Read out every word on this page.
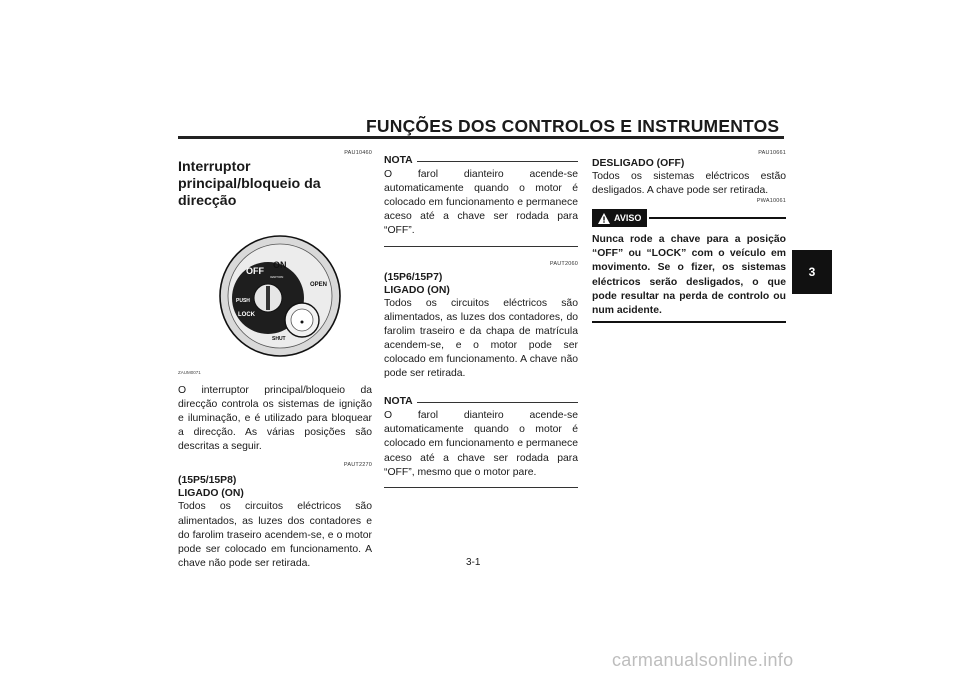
FUNÇÕES DOS CONTROLOS E INSTRUMENTOS
3
PAU10460
Interruptor principal/bloqueio da direcção
OFF
ON
OPEN
PUSH
LOCK
SHUT
IGNITION
ZAUM0071

O interruptor principal/bloqueio da direcção controla os sistemas de ignição e iluminação, e é utilizado para bloquear a direcção. As várias posições são descritas a seguir.

PAUT2270
(15P5/15P8)
LIGADO (ON)

Todos os circuitos eléctricos são alimentados, as luzes dos contadores e do farolim traseiro acendem-se, e o motor pode ser colocado em funcionamento. A chave não pode ser retirada.

NOTA

O farol dianteiro acende-se automaticamente quando o motor é colocado em funcionamento e permanece aceso até a chave ser rodada para “OFF”.

PAUT2060
(15P6/15P7)
LIGADO (ON)

Todos os circuitos eléctricos são alimentados, as luzes dos contadores, do farolim traseiro e da chapa de matrícula acendem-se, e o motor pode ser colocado em funcionamento. A chave não pode ser retirada.

NOTA

O farol dianteiro acende-se automaticamente quando o motor é colocado em funcionamento e permanece aceso até a chave ser rodada para “OFF”, mesmo que o motor pare.

PAU10661
DESLIGADO (OFF)

Todos os sistemas eléctricos estão desligados. A chave pode ser retirada.

PWA10061
AVISO

Nunca rode a chave para a posição “OFF” ou “LOCK” com o veículo em movimento. Se o fizer, os sistemas eléctricos serão desligados, o que pode resultar na perda de controlo ou num acidente.

3-1
carmanualsonline.info
